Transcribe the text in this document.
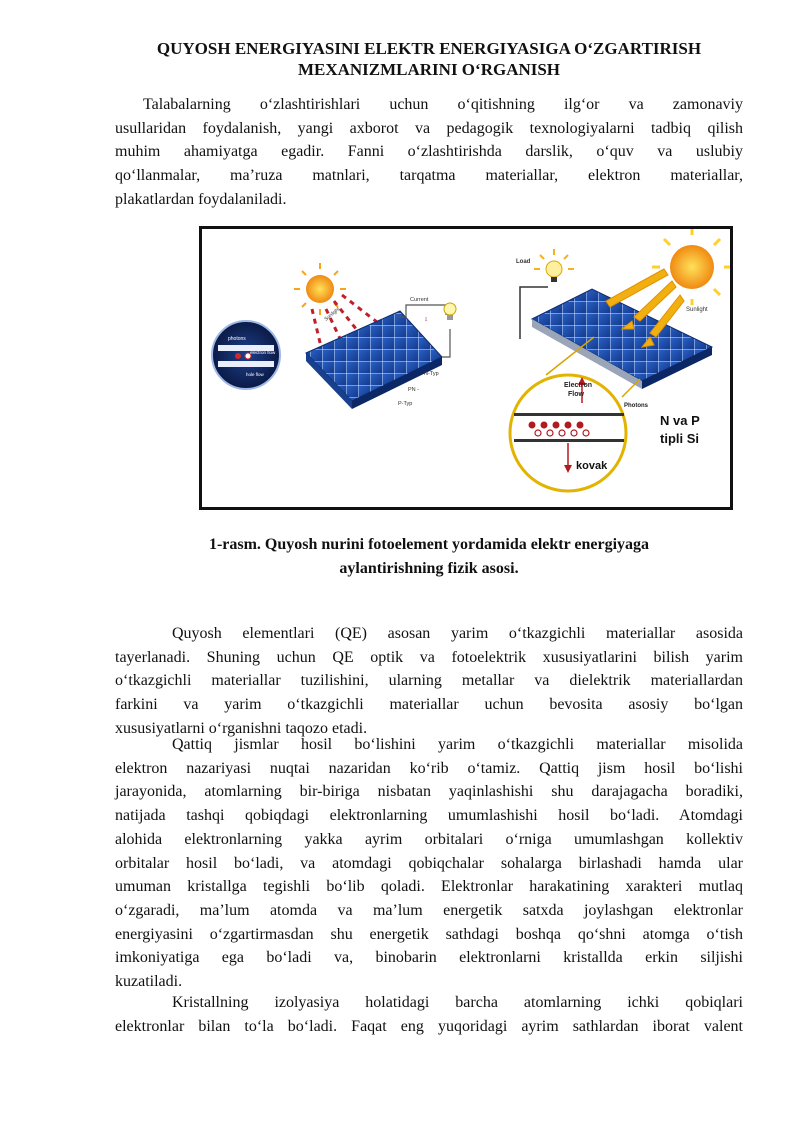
QUYOSH ENERGIYASINI ELEKTR ENERGIYASIGA O‘ZGARTIRISH
MEXANIZMLARINI O‘RGANISH
Talabalarning o‘zlashtirishlari uchun o‘qitishning ilg‘or va zamonaviy
usullaridan foydalanish, yangi axborot va pedagogik texnologiyalarni tadbiq qilish
muhim ahamiyatga egadir. Fanni o‘zlashtirishda darslik, o‘quv va uslubiy
qo‘llanmalar, ma’ruza matnlari, tarqatma materiallar, elektron materiallar,
plakatlardan foydalaniladi.
photons
electron flow
hole flow
Sunlight
Current
⇩
N-Typ
PN -
P-Typ
Load
Sunlight
Electron
Flow
Photons
kovak
N va P
tipli Si
1-rasm. Quyosh nurini fotoelement yordamida elektr energiyaga
aylantirishning fizik asosi.
Quyosh elementlari (QE) asosan yarim o‘tkazgichli materiallar asosida
tayerlanadi. Shuning uchun QE optik va fotoelektrik xususiyatlarini bilish yarim
o‘tkazgichli materiallar tuzilishini, ularning metallar va dielektrik materiallardan
farkini va yarim o‘tkazgichli materiallar uchun bevosita asosiy bo‘lgan
xususiyatlarni o‘rganishni taqozo etadi.
Qattiq jismlar hosil bo‘lishini yarim o‘tkazgichli materiallar misolida
elektron nazariyasi nuqtai nazaridan ko‘rib o‘tamiz. Qattiq jism hosil bo‘lishi
jarayonida, atomlarning bir-biriga nisbatan yaqinlashishi shu darajagacha boradiki,
natijada tashqi qobiqdagi elektronlarning umumlashishi hosil bo‘ladi. Atomdagi
alohida elektronlarning yakka ayrim orbitalari o‘rniga umumlashgan kollektiv
orbitalar hosil bo‘ladi, va atomdagi qobiqchalar sohalarga birlashadi hamda ular
umuman kristallga tegishli bo‘lib qoladi. Elektronlar harakatining xarakteri mutlaq
o‘zgaradi, ma’lum atomda va ma’lum energetik satxda joylashgan elektronlar
energiyasini o‘zgartirmasdan shu energetik sathdagi boshqa qo‘shni atomga o‘tish
imkoniyatiga ega bo‘ladi va, binobarin elektronlarni kristallda erkin siljishi
kuzatiladi.
Kristallning izolyasiya holatidagi barcha atomlarning ichki qobiqlari
elektronlar bilan to‘la bo‘ladi. Faqat eng yuqoridagi ayrim sathlardan iborat valent
